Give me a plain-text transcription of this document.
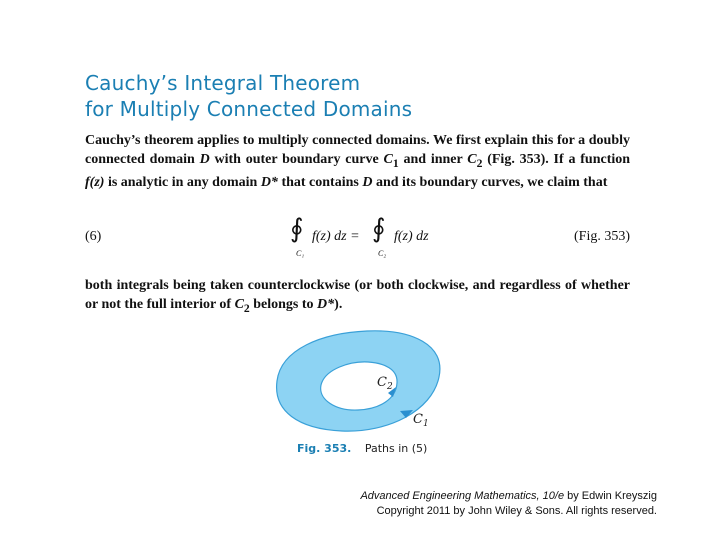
Cauchy’s Integral Theorem
for Multiply Connected Domains
Cauchy’s theorem applies to multiply connected domains. We first explain this for a doubly connected domain D with outer boundary curve $C_1$ and inner $C_2$ (Fig. 353). If a function f(z) is analytic in any domain D* that contains D and its boundary curves, we claim that
(6)	∮
C₁
f(z) dz = ∮
C₂
f(z) dz	(Fig. 353)
both integrals being taken counterclockwise (or both clockwise, and regardless of whether or not the full interior of $C_2$ belongs to D*).
$C_2$
$C_1$
Fig. 353. Paths in (5)
Advanced Engineering Mathematics, 10/e by Edwin Kreyszig
Copyright 2011 by John Wiley & Sons. All rights reserved.
